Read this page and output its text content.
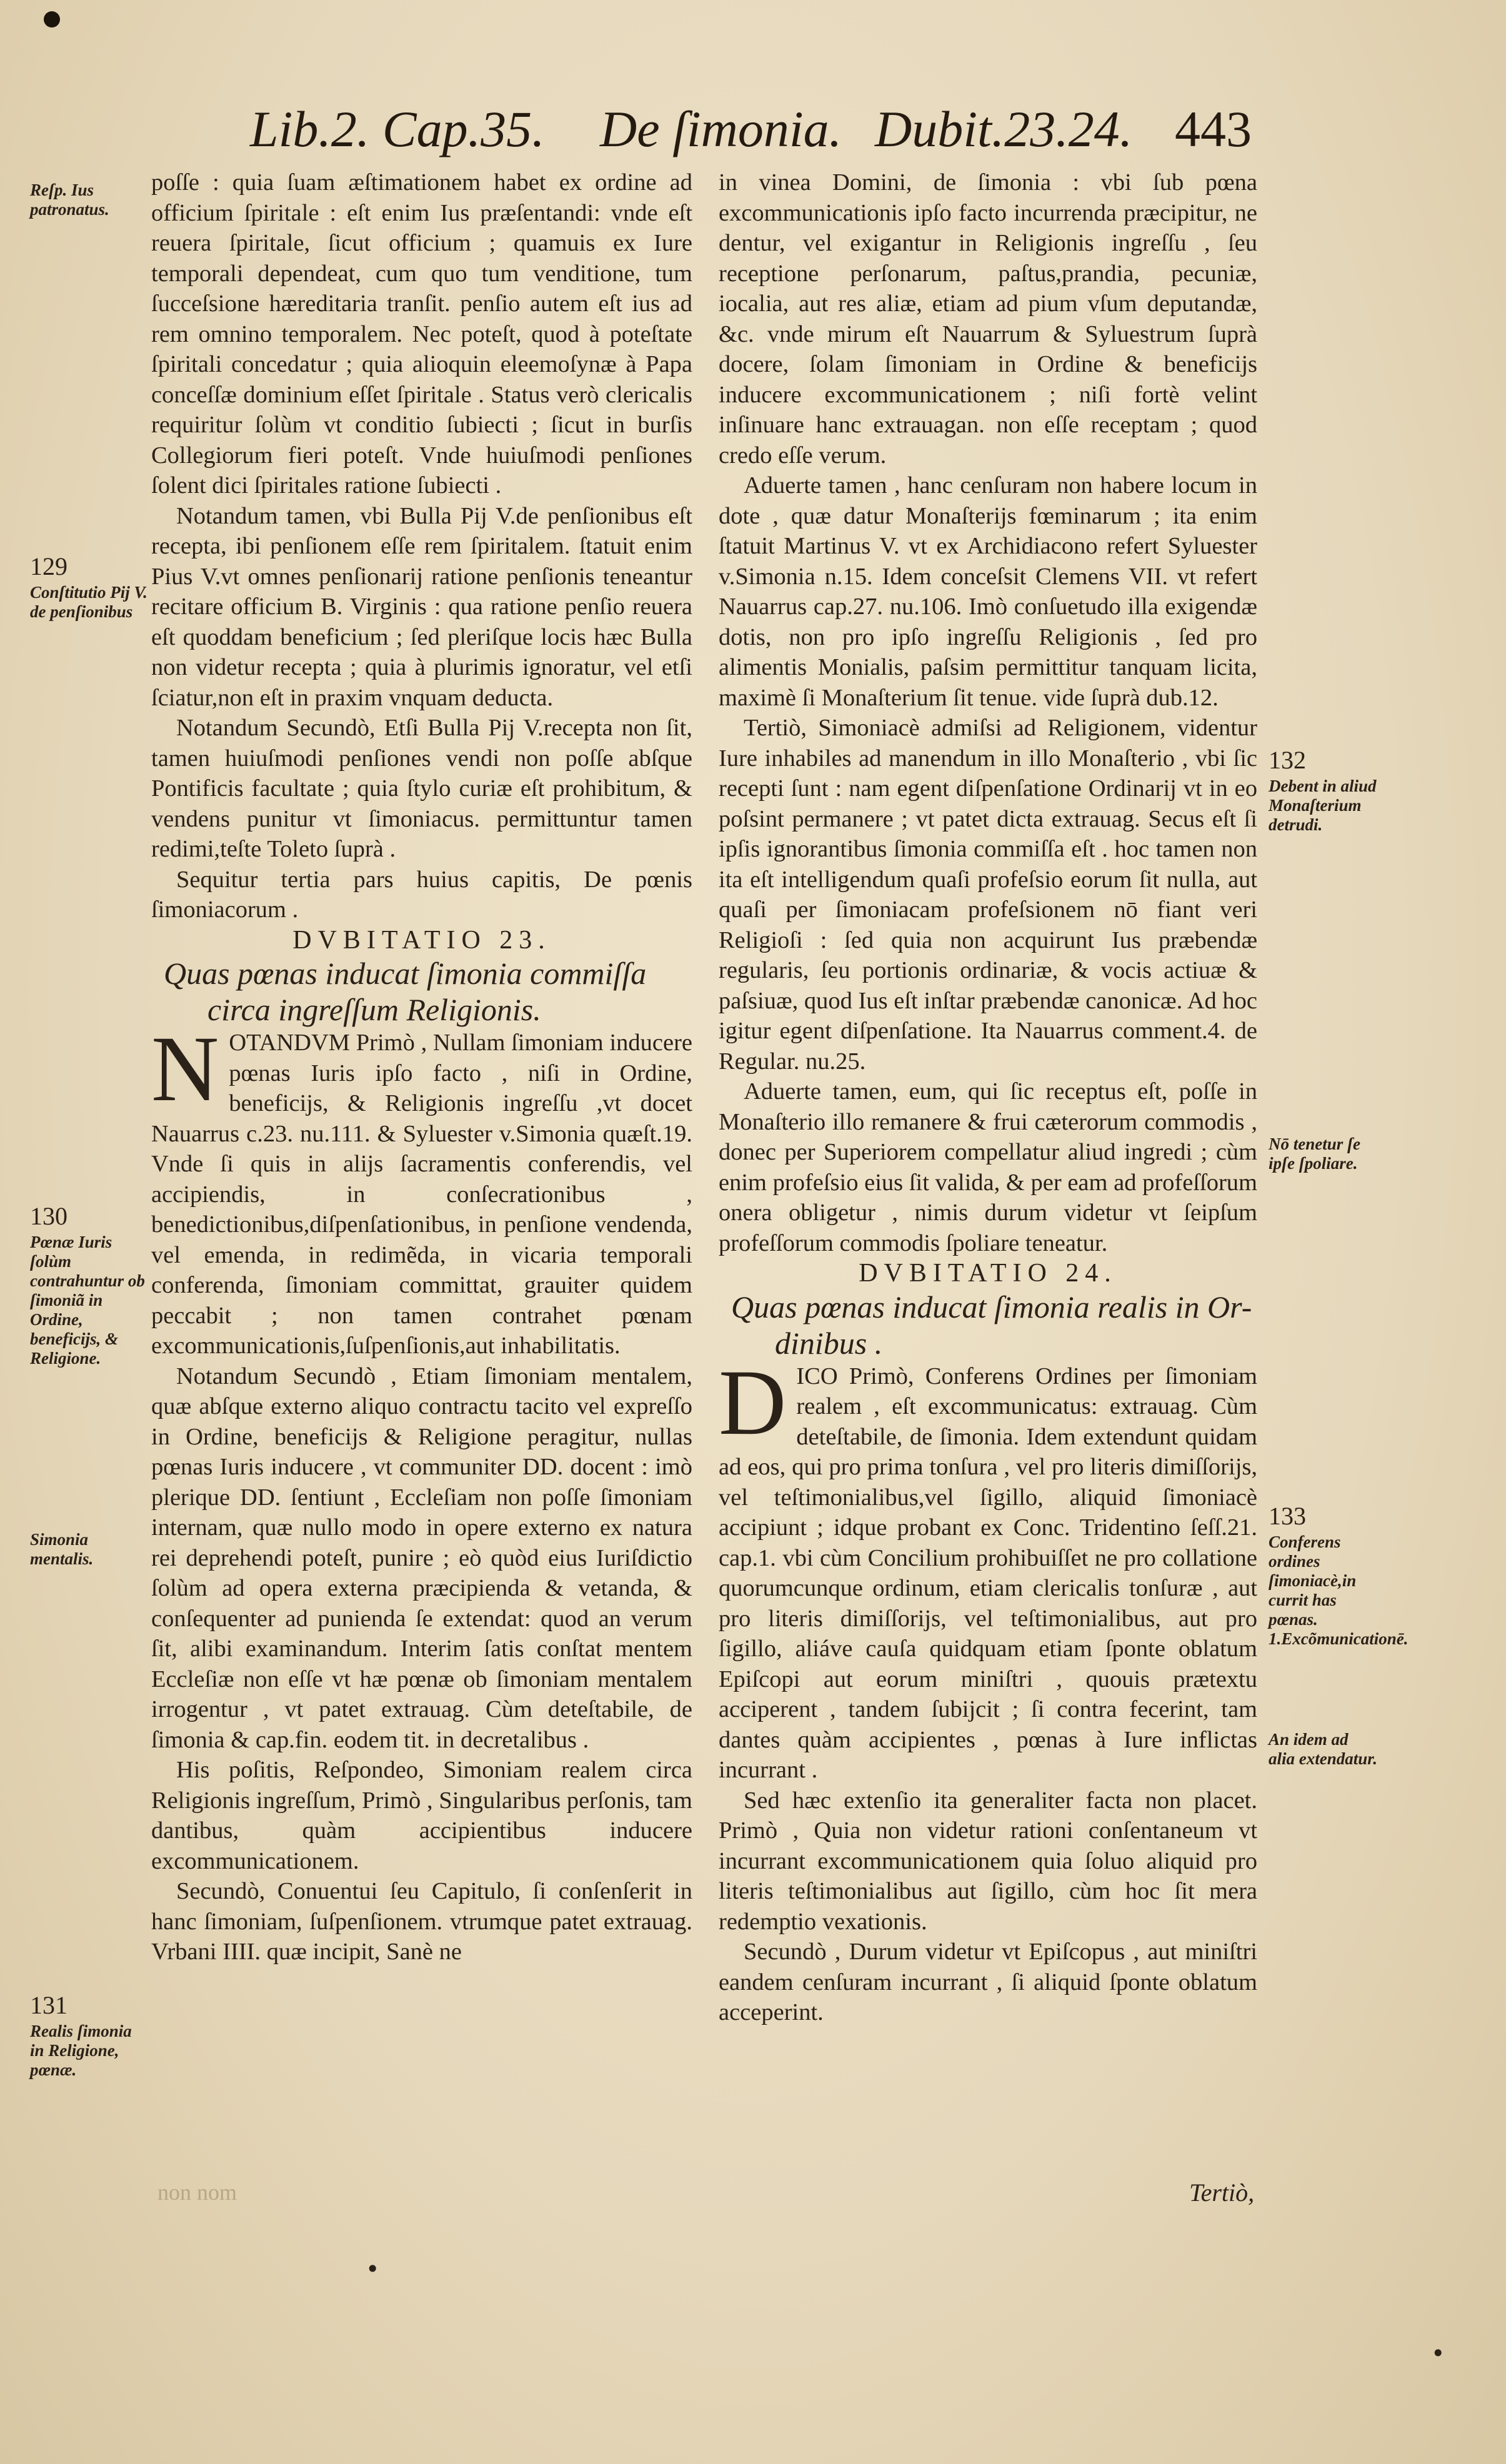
Lib.2. Cap.35. De ſimonia. Dubit.23.24. 443
Reſp. Ius patronatus.
129
Conſtitutio Pij V. de penſionibus
130
Pœnæ Iuris ſolùm contrahuntur ob ſimoniã in Ordine, beneficijs, & Religione.
Simonia mentalis.
131
Realis ſimonia in Religione, pœnæ.
132
Debent in aliud Monaſterium detrudi.
Nō tenetur ſe ipſe ſpoliare.
133
Conferens ordines ſimoniacè,in currit has pœnas. 1.Excõmunicationē.
An idem ad alia extendatur.

poſſe : quia ſuam æſtimationem habet ex ordine ad officium ſpiritale : eſt enim Ius præſentandi: vnde eſt reuera ſpiritale, ſicut officium ; quamuis ex Iure temporali dependeat, cum quo tum venditione, tum ſucceſsione hæreditaria tranſit. penſio autem eſt ius ad rem omnino temporalem. Nec poteſt, quod à poteſtate ſpiritali concedatur ; quia alioquin eleemoſynæ à Papa conceſſæ dominium eſſet ſpiritale . Status verò clericalis requiritur ſolùm vt conditio ſubiecti ; ſicut in burſis Collegiorum fieri poteſt. Vnde huiuſmodi penſiones ſolent dici ſpiritales ratione ſubiecti .

Notandum tamen, vbi Bulla Pij V.de penſionibus eſt recepta, ibi penſionem eſſe rem ſpiritalem. ſtatuit enim Pius V.vt omnes penſionarij ratione penſionis teneantur recitare officium B. Virginis : qua ratione penſio reuera eſt quoddam beneficium ; ſed pleriſque locis hæc Bulla non videtur recepta ; quia à plurimis ignoratur, vel etſi ſciatur,non eſt in praxim vnquam deducta.

Notandum Secundò, Etſi Bulla Pij V.recepta non ſit, tamen huiuſmodi penſiones vendi non poſſe abſque Pontificis facultate ; quia ſtylo curiæ eſt prohibitum, & vendens punitur vt ſimoniacus. permittuntur tamen redimi,teſte Toleto ſuprà .

Sequitur tertia pars huius capitis, De pœnis ſimoniacorum .

DVBITATIO 23.

Quas pœnas inducat ſimonia commiſſa
circa ingreſſum Religionis.

NOTANDVM Primò , Nullam ſimoniam inducere pœnas Iuris ipſo facto , niſi in Ordine, beneficijs, & Religionis ingreſſu ,vt docet Nauarrus c.23. nu.111. & Syluester v.Simonia quæſt.19. Vnde ſi quis in alijs ſacramentis conferendis, vel accipiendis, in conſecrationibus , benedictionibus,diſpenſationibus, in penſione vendenda, vel emenda, in redimẽda, in vicaria temporali conferenda, ſimoniam committat, grauiter quidem peccabit ; non tamen contrahet pœnam excommunicationis,ſuſpenſionis,aut inhabilitatis.

Notandum Secundò , Etiam ſimoniam mentalem, quæ abſque externo aliquo contractu tacito vel expreſſo in Ordine, beneficijs & Religione peragitur, nullas pœnas Iuris inducere , vt communiter DD. docent : imò plerique DD. ſentiunt , Eccleſiam non poſſe ſimoniam internam, quæ nullo modo in opere externo ex natura rei deprehendi poteſt, punire ; eò quòd eius Iuriſdictio ſolùm ad opera externa præcipienda & vetanda, & conſequenter ad punienda ſe extendat: quod an verum ſit, alibi examinandum. Interim ſatis conſtat mentem Eccleſiæ non eſſe vt hæ pœnæ ob ſimoniam mentalem irrogentur , vt patet extrauag. Cùm deteſtabile, de ſimonia & cap.fin. eodem tit. in decretalibus .

His poſitis, Reſpondeo, Simoniam realem circa Religionis ingreſſum, Primò , Singularibus perſonis, tam dantibus, quàm accipientibus inducere excommunicationem.

Secundò, Conuentui ſeu Capitulo, ſi conſenſerit in hanc ſimoniam, ſuſpenſionem. vtrumque patet extrauag. Vrbani IIII. quæ incipit, Sanè ne

in vinea Domini, de ſimonia : vbi ſub pœna excommunicationis ipſo facto incurrenda præcipitur, ne dentur, vel exigantur in Religionis ingreſſu , ſeu receptione perſonarum, paſtus,prandia, pecuniæ, iocalia, aut res aliæ, etiam ad pium vſum deputandæ, &c. vnde mirum eſt Nauarrum & Syluestrum ſuprà docere, ſolam ſimoniam in Ordine & beneficijs inducere excommunicationem ; niſi fortè velint inſinuare hanc extrauagan. non eſſe receptam ; quod credo eſſe verum.

Aduerte tamen , hanc cenſuram non habere locum in dote , quæ datur Monaſterijs fœminarum ; ita enim ſtatuit Martinus V. vt ex Archidiacono refert Syluester v.Simonia n.15. Idem conceſsit Clemens VII. vt refert Nauarrus cap.27. nu.106. Imò conſuetudo illa exigendæ dotis, non pro ipſo ingreſſu Religionis , ſed pro alimentis Monialis, paſsim permittitur tanquam licita, maximè ſi Monaſterium ſit tenue. vide ſuprà dub.12.

Tertiò, Simoniacè admiſsi ad Religionem, videntur Iure inhabiles ad manendum in illo Monaſterio , vbi ſic recepti ſunt : nam egent diſpenſatione Ordinarij vt in eo poſsint permanere ; vt patet dicta extrauag. Secus eſt ſi ipſis ignorantibus ſimonia commiſſa eſt . hoc tamen non ita eſt intelligendum quaſi profeſsio eorum ſit nulla, aut quaſi per ſimoniacam profeſsionem nō fiant veri Religioſi : ſed quia non acquirunt Ius præbendæ regularis, ſeu portionis ordinariæ, & vocis actiuæ & paſsiuæ, quod Ius eſt inſtar præbendæ canonicæ. Ad hoc igitur egent diſpenſatione. Ita Nauarrus comment.4. de Regular. nu.25.

Aduerte tamen, eum, qui ſic receptus eſt, poſſe in Monaſterio illo remanere & frui cæterorum commodis , donec per Superiorem compellatur aliud ingredi ; cùm enim profeſsio eius ſit valida, & per eam ad profeſſorum onera obligetur , nimis durum videtur vt ſeipſum profeſſorum commodis ſpoliare teneatur.

DVBITATIO 24.

Quas pœnas inducat ſimonia realis in Or-
dinibus .

DICO Primò, Conferens Ordines per ſimoniam realem , eſt excommunicatus: extrauag. Cùm deteſtabile, de ſimonia. Idem extendunt quidam ad eos, qui pro prima tonſura , vel pro literis dimiſſorijs, vel teſtimonialibus,vel ſigillo, aliquid ſimoniacè accipiunt ; idque probant ex Conc. Tridentino ſeſſ.21. cap.1. vbi cùm Concilium prohibuiſſet ne pro collatione quorumcunque ordinum, etiam clericalis tonſuræ , aut pro literis dimiſſorijs, vel teſtimonialibus, aut pro ſigillo, aliáve cauſa quidquam etiam ſponte oblatum Epiſcopi aut eorum miniſtri , quouis prætextu acciperent , tandem ſubijcit ; ſi contra fecerint, tam dantes quàm accipientes , pœnas à Iure inflictas incurrant .

Sed hæc extenſio ita generaliter facta non placet. Primò , Quia non videtur rationi conſentaneum vt incurrant excommunicationem quia ſoluo aliquid pro literis teſtimonialibus aut ſigillo, cùm hoc ſit mera redemptio vexationis.

Secundò , Durum videtur vt Epiſcopus , aut miniſtri eandem cenſuram incurrant , ſi aliquid ſponte oblatum acceperint.

non nom	Tertiò,
•
•
